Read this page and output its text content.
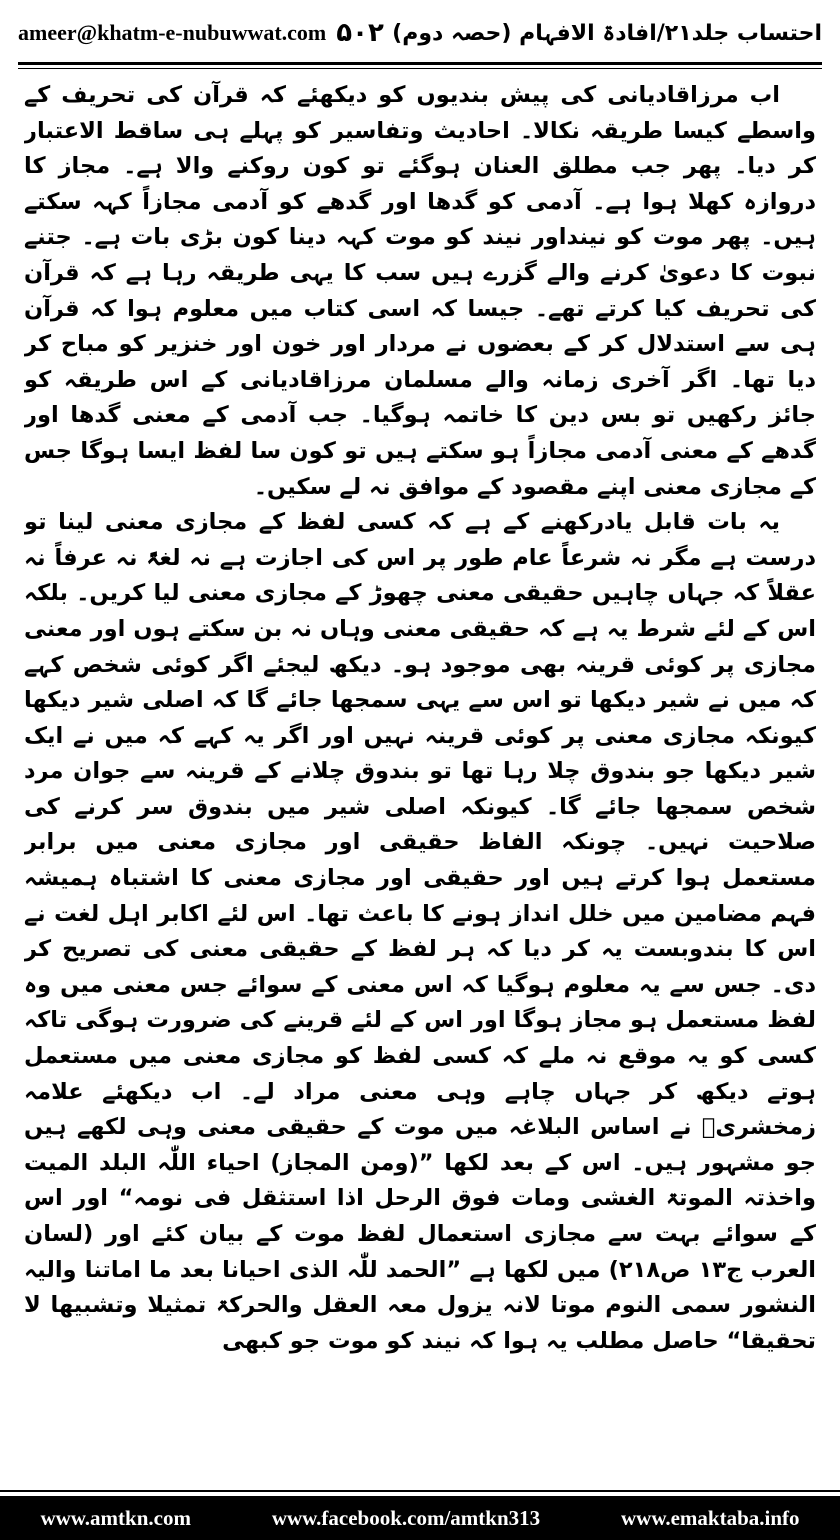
ameer@khatm-e-nubuwwat.com ۵۰۲ احتساب جلد۲۱/افادۃ الافہام (حصہ دوم)

اب مرزاقادیانی کی پیش بندیوں کو دیکھئے کہ قرآن کی تحریف کے واسطے کیسا طریقہ نکالا۔ احادیث وتفاسیر کو پہلے ہی ساقط الاعتبار کر دیا۔ پھر جب مطلق العنان ہوگئے تو کون روکنے والا ہے۔ مجاز کا دروازہ کھلا ہوا ہے۔ آدمی کو گدھا اور گدھے کو آدمی مجازاً کہہ سکتے ہیں۔ پھر موت کو نینداور نیند کو موت کہہ دینا کون بڑی بات ہے۔ جتنے نبوت کا دعویٰ کرنے والے گزرے ہیں سب کا یہی طریقہ رہا ہے کہ قرآن کی تحریف کیا کرتے تھے۔ جیسا کہ اسی کتاب میں معلوم ہوا کہ قرآن ہی سے استدلال کر کے بعضوں نے مردار اور خون اور خنزیر کو مباح کر دیا تھا۔ اگر آخری زمانہ والے مسلمان مرزاقادیانی کے اس طریقہ کو جائز رکھیں تو بس دین کا خاتمہ ہوگیا۔ جب آدمی کے معنی گدھا اور گدھے کے معنی آدمی مجازاً ہو سکتے ہیں تو کون سا لفظ ایسا ہوگا جس کے مجازی معنی اپنے مقصود کے موافق نہ لے سکیں۔

یہ بات قابل یادرکھنے کے ہے کہ کسی لفظ کے مجازی معنی لینا تو درست ہے مگر نہ شرعاً عام طور پر اس کی اجازت ہے نہ لغۃً نہ عرفاً نہ عقلاً کہ جہاں چاہیں حقیقی معنی چھوڑ کے مجازی معنی لیا کریں۔ بلکہ اس کے لئے شرط یہ ہے کہ حقیقی معنی وہاں نہ بن سکتے ہوں اور معنی مجازی پر کوئی قرینہ بھی موجود ہو۔ دیکھ لیجئے اگر کوئی شخص کہے کہ میں نے شیر دیکھا تو اس سے یہی سمجھا جائے گا کہ اصلی شیر دیکھا کیونکہ مجازی معنی پر کوئی قرینہ نہیں اور اگر یہ کہے کہ میں نے ایک شیر دیکھا جو بندوق چلا رہا تھا تو بندوق چلانے کے قرینہ سے جوان مرد شخص سمجھا جائے گا۔ کیونکہ اصلی شیر میں بندوق سر کرنے کی صلاحیت نہیں۔ چونکہ الفاظ حقیقی اور مجازی معنی میں برابر مستعمل ہوا کرتے ہیں اور حقیقی اور مجازی معنی کا اشتباہ ہمیشہ فہم مضامین میں خلل انداز ہونے کا باعث تھا۔ اس لئے اکابر اہل لغت نے اس کا بندوبست یہ کر دیا کہ ہر لفظ کے حقیقی معنی کی تصریح کر دی۔ جس سے یہ معلوم ہوگیا کہ اس معنی کے سوائے جس معنی میں وہ لفظ مستعمل ہو مجاز ہوگا اور اس کے لئے قرینے کی ضرورت ہوگی تاکہ کسی کو یہ موقع نہ ملے کہ کسی لفظ کو مجازی معنی میں مستعمل ہوتے دیکھ کر جہاں چاہے وہی معنی مراد لے۔ اب دیکھئے علامہ زمخشریؒ نے اساس البلاغہ میں موت کے حقیقی معنی وہی لکھے ہیں جو مشہور ہیں۔ اس کے بعد لکھا ”(ومن المجاز) احیاء اللّٰہ البلد المیت واخذتہ الموتۃ الغشی ومات فوق الرحل اذا استثقل فی نومہ“ اور اس کے سوائے بہت سے مجازی استعمال لفظ موت کے بیان کئے اور (لسان العرب ج۱۳ ص۲۱۸) میں لکھا ہے ”الحمد للّٰہ الذی احیانا بعد ما اماتنا والیہ النشور سمی النوم موتا لانہ یزول معہ العقل والحرکۃ تمثیلا وتشبیھا لا تحقیقا“ حاصل مطلب یہ ہوا کہ نیند کو موت جو کبھی

www.amtkn.com	www.facebook.com/amtkn313	www.emaktaba.info
